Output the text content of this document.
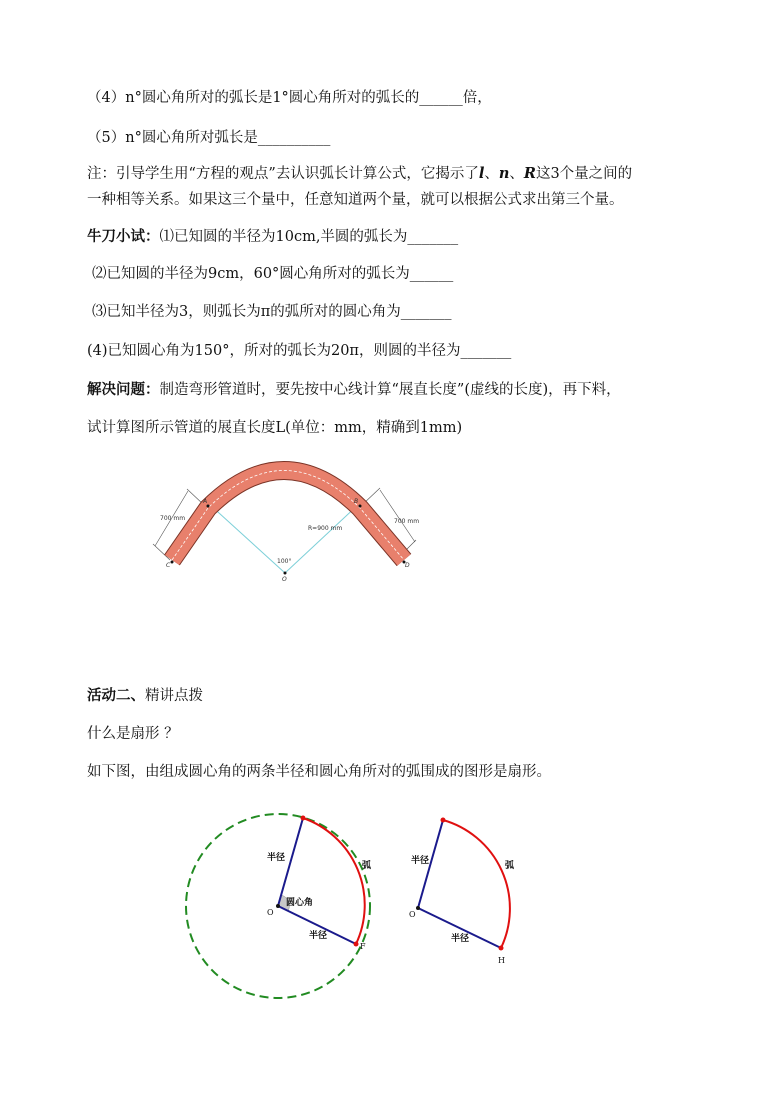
（4）n°圆心角所对的弧长是1°圆心角所对的弧长的______倍，
（5）n°圆心角所对弧长是__________
注：引导学生用“方程的观点”去认识弧长计算公式，它揭示了l、n、R这3个量之间的
一种相等关系。如果这三个量中，任意知道两个量，就可以根据公式求出第三个量。
牛刀小试：⑴已知圆的半径为10cm,半圆的弧长为_______
⑵已知圆的半径为9cm，60°圆心角所对的弧长为______
⑶已知半径为3，则弧长为π的弧所对的圆心角为_______
(4)已知圆心角为150°，所对的弧长为20π，则圆的半径为_______
解决问题：制造弯形管道时，要先按中心线计算“展直长度”(虚线的长度)，再下料，
试计算图所示管道的展直长度L(单位：mm，精确到1mm)
A	B
C	D
O
700 mm	700 mm
R=900 mm
100°
活动二、精讲点拨
什么是扇形 ？
如下图，由组成圆心角的两条半径和圆心角所对的弧围成的图形是扇形。
半径
半径
弧
圆心角
O
F
半径
半径
弧
O
H
